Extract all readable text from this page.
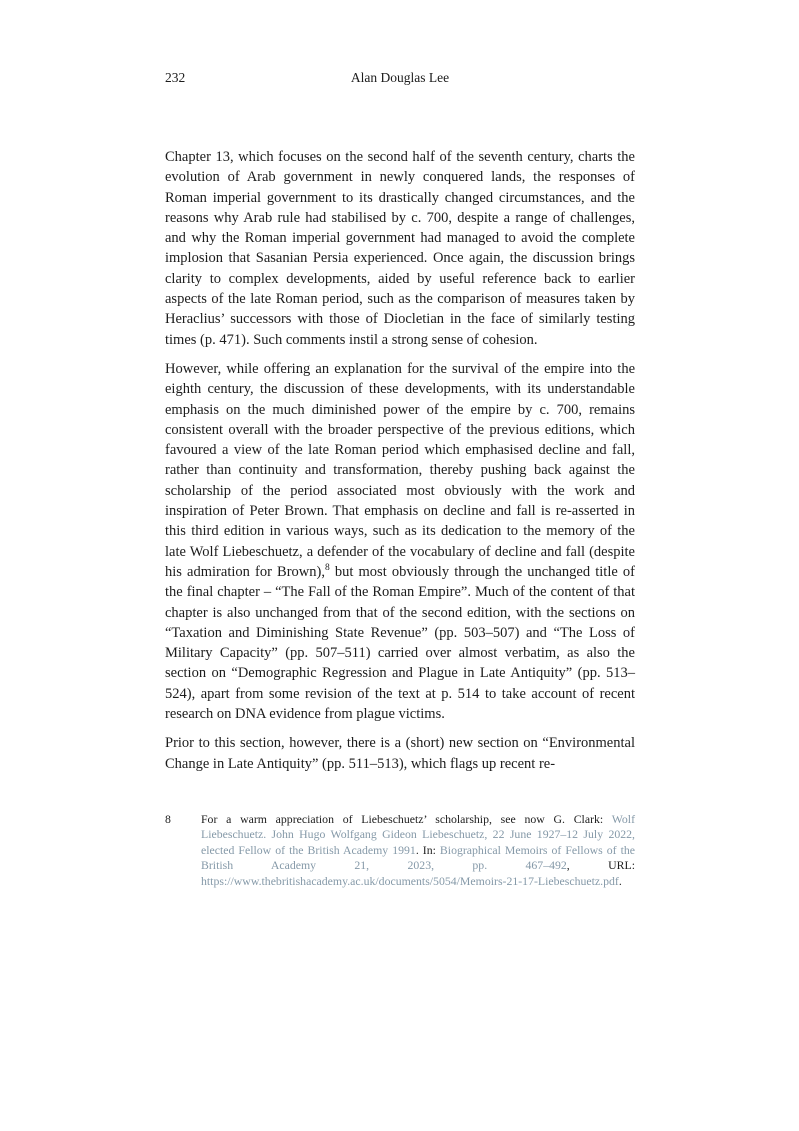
232	Alan Douglas Lee

Chapter 13, which focuses on the second half of the seventh century, charts the evolution of Arab government in newly conquered lands, the responses of Roman imperial government to its drastically changed circumstances, and the reasons why Arab rule had stabilised by c. 700, despite a range of challenges, and why the Roman imperial government had managed to avoid the complete implosion that Sasanian Persia experienced. Once again, the discussion brings clarity to complex developments, aided by useful reference back to earlier aspects of the late Roman period, such as the comparison of measures taken by Heraclius’ successors with those of Diocletian in the face of similarly testing times (p. 471). Such comments instil a strong sense of cohesion.

However, while offering an explanation for the survival of the empire into the eighth century, the discussion of these developments, with its understandable emphasis on the much diminished power of the empire by c. 700, remains consistent overall with the broader perspective of the previous editions, which favoured a view of the late Roman period which emphasised decline and fall, rather than continuity and transformation, thereby pushing back against the scholarship of the period associated most obviously with the work and inspiration of Peter Brown. That emphasis on decline and fall is re-asserted in this third edition in various ways, such as its dedication to the memory of the late Wolf Liebeschuetz, a defender of the vocabulary of decline and fall (despite his admiration for Brown),$^8$ but most obviously through the unchanged title of the final chapter – “The Fall of the Roman Empire”. Much of the content of that chapter is also unchanged from that of the second edition, with the sections on “Taxation and Diminishing State Revenue” (pp. 503–507) and “The Loss of Military Capacity” (pp. 507–511) carried over almost verbatim, as also the section on “Demographic Regression and Plague in Late Antiquity” (pp. 513–524), apart from some revision of the text at p. 514 to take account of recent research on DNA evidence from plague victims.

Prior to this section, however, there is a (short) new section on “Environmental Change in Late Antiquity” (pp. 511–513), which flags up recent re-

8	For a warm appreciation of Liebeschuetz’ scholarship, see now G. Clark: Wolf Liebeschuetz. John Hugo Wolfgang Gideon Liebeschuetz, 22 June 1927–12 July 2022, elected Fellow of the British Academy 1991. In: Biographical Memoirs of Fellows of the British Academy 21, 2023, pp. 467–492, URL: https://www.thebritishacademy.ac.uk/documents/5054/Memoirs-21-17-Liebeschuetz.pdf.
